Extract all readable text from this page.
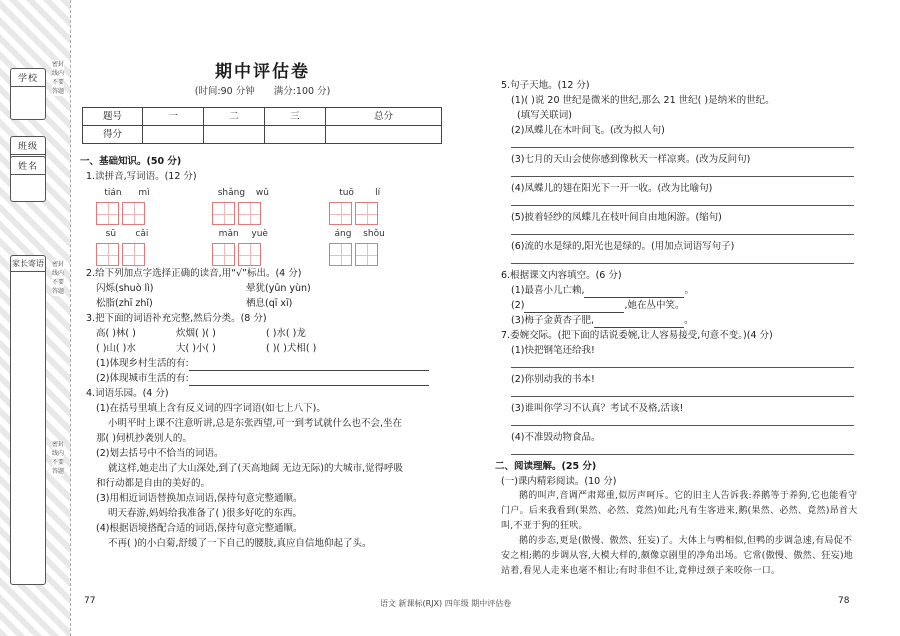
学校
班级
姓名
家长寄语
密封线内不要答题
密封线内不要答题
密封线内不要答题
期中评估卷
(时间:90 分钟 满分:100 分)
题号	一	二	三	总分
得分				
一、基础知识。(50 分)
1.读拼音,写词语。(12 分)
tián mì	shǎng wǔ	tuō lí
sū cǎi	mǎn yuè	áng shǒu
2.给下列加点字选择正确的读音,用“√”标出。(4 分)
闪烁(shuò lì)	晕犹(yūn yùn)
松脂(zhī zhǐ)	栖息(qī xī)
3.把下面的词语补充完整,然后分类。(8 分)
高( )林( )	炊烟( )( )	( )水( )龙
( )山( )水	大( )小( )	( )( )犬相( )
(1)体现乡村生活的有:
(2)体现城市生活的有:
4.词语乐园。(4 分)
(1)在括号里填上含有反义词的四字词语(如七上八下)。
小明平时上课不注意听讲,总是东张西望,可一到考试就什么也不会,坐在
那( )伺机抄袭别人的。
(2)划去括号中不恰当的词语。
就这样,她走出了大山深处,到了(天高地阔 无边无际)的大城市,觉得呼吸
和行动都是自由的美好的。
(3)用相近词语替换加点词语,保持句意完整通顺。
明天春游,妈妈给我准备了( )很多好吃的东西。
(4)根据语境搭配合适的词语,保持句意完整通顺。
不再( )的小白菊,舒缓了一下自己的腰肢,真应自信地仰起了头。
5.句子天地。(12 分)
(1)( )说 20 世纪是微米的世纪,那么 21 世纪( )是纳米的世纪。
(填写关联词)
(2)凤蝶儿在木叶间飞。(改为拟人句)
(3)七月的天山会使你感到像秋天一样凉爽。(改为反问句)
(4)凤蝶儿的翅在阳光下一开一收。(改为比喻句)
(5)披着轻纱的凤蝶儿在枝叶间自由地闲游。(缩句)
(6)流的水是绿的,阳光也是绿的。(用加点词语写句子)
6.根据课文内容填空。(6 分)
(1)最喜小儿亡赖,	。
(2)	,她在丛中笑。
(3)梅子金黄杏子肥,	。
7.委婉交际。(把下面的话说委婉,让人容易接受,句意不变。)(4 分)
(1)快把钢笔还给我!
(2)你别动我的书本!
(3)谁叫你学习不认真？考试不及格,活该!
(4)不准毁动物食品。
二、阅读理解。(25 分)
(一)课内精彩阅读。(10 分)
鹅的叫声,音调严肃郑重,似厉声呵斥。它的旧主人告诉我:养鹅等于养狗,它也能看守门户。后来我看到(果然、必然、竟然)如此;凡有生客进来,鹅(果然、必然、竟然)昂首大叫,不亚于狗的狂吠。
鹅的步态,更是(傲慢、傲然、狂妄)了。大体上与鸭相似,但鸭的步调急速,有局促不安之相;鹅的步调从容,大模大样的,颇像京剧里的净角出场。它常(傲慢、傲然、狂妄)地站着,看见人走来也毫不相让;有时非但不让,竟伸过颈子来咬你一口。
77	语文 新课标(RJX) 四年级 期中评估卷	78
